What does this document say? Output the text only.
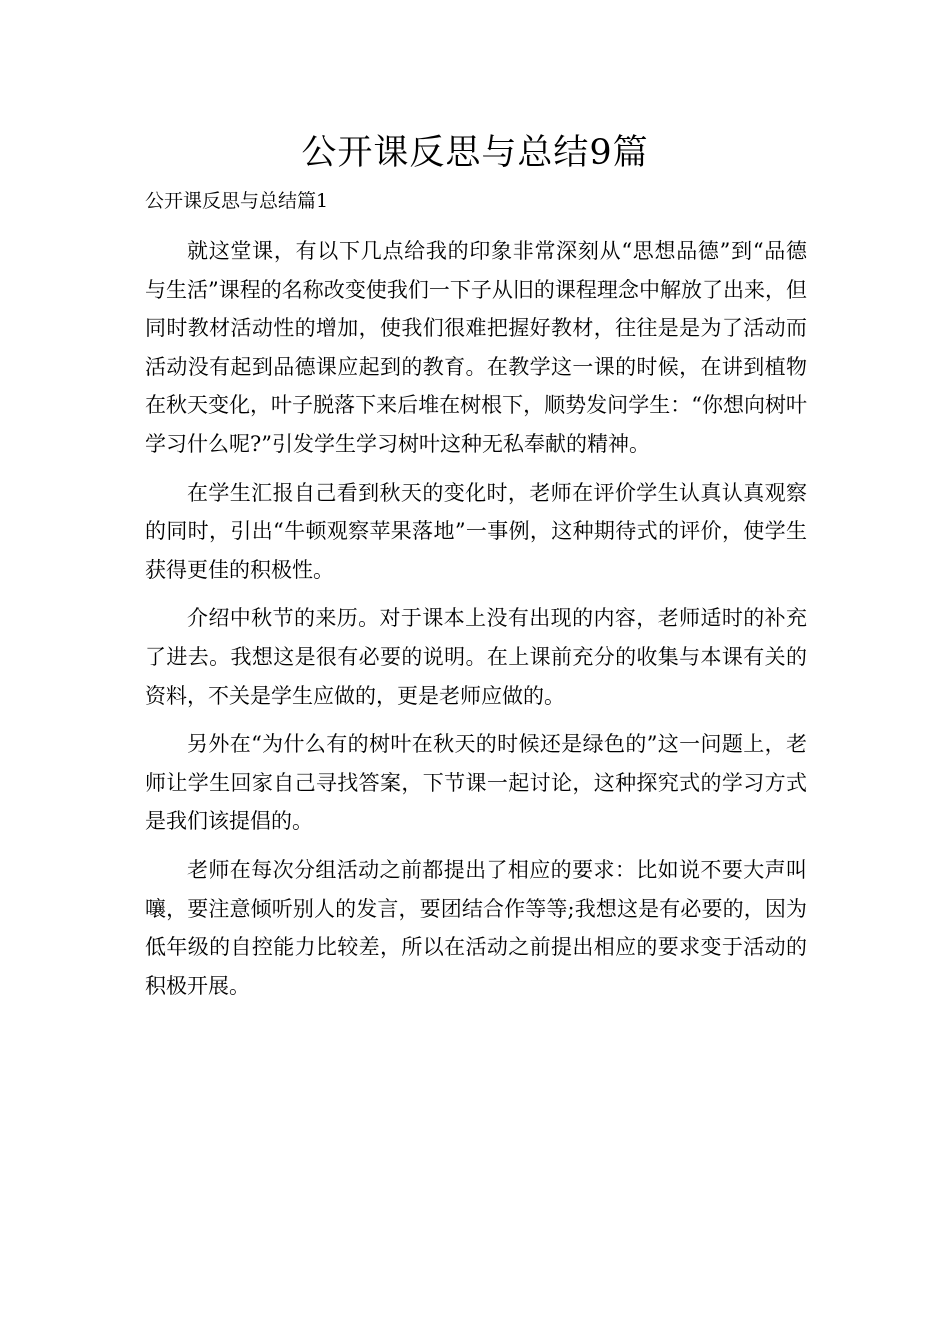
公开课反思与总结9篇
公开课反思与总结篇1

就这堂课，有以下几点给我的印象非常深刻从“思想品德”到“品德与生活”课程的名称改变使我们一下子从旧的课程理念中解放了出来，但同时教材活动性的增加，使我们很难把握好教材，往往是是为了活动而活动没有起到品德课应起到的教育。在教学这一课的时候，在讲到植物在秋天变化，叶子脱落下来后堆在树根下，顺势发问学生：“你想向树叶学习什么呢?”引发学生学习树叶这种无私奉献的精神。

在学生汇报自己看到秋天的变化时，老师在评价学生认真认真观察的同时，引出“牛顿观察苹果落地”一事例，这种期待式的评价，使学生获得更佳的积极性。

介绍中秋节的来历。对于课本上没有出现的内容，老师适时的补充了进去。我想这是很有必要的说明。在上课前充分的收集与本课有关的资料，不关是学生应做的，更是老师应做的。

另外在“为什么有的树叶在秋天的时候还是绿色的”这一问题上，老师让学生回家自己寻找答案，下节课一起讨论，这种探究式的学习方式是我们该提倡的。

老师在每次分组活动之前都提出了相应的要求：比如说不要大声叫嚷，要注意倾听别人的发言，要团结合作等等;我想这是有必要的，因为低年级的自控能力比较差，所以在活动之前提出相应的要求变于活动的积极开展。
